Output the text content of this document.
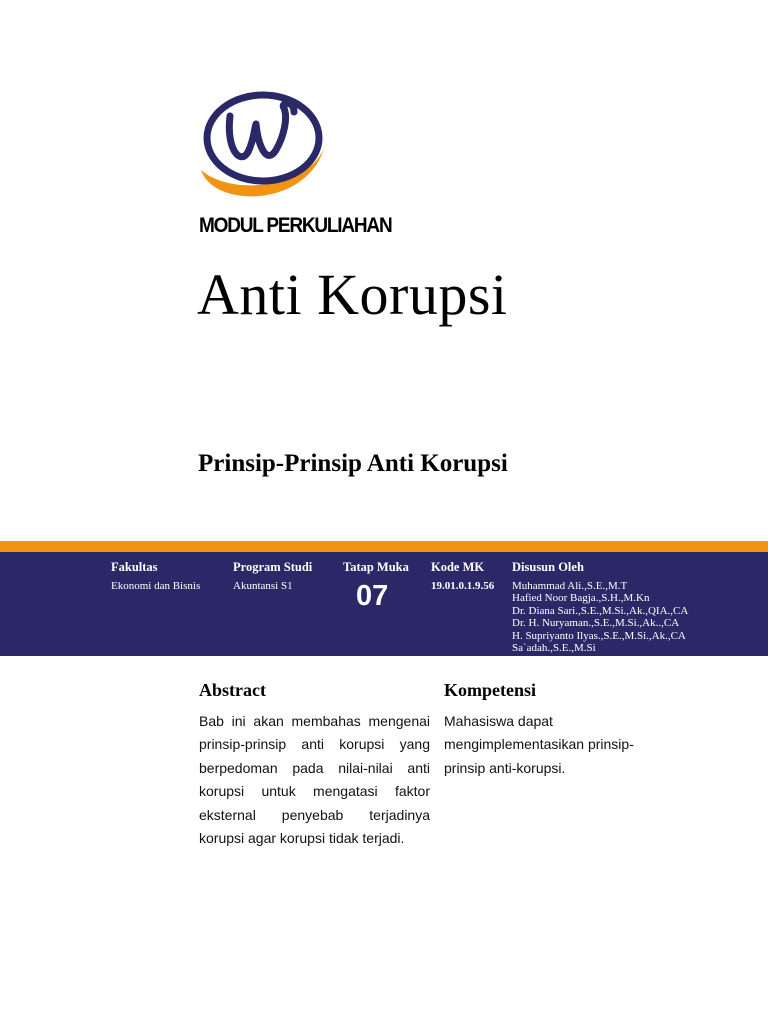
MODUL PERKULIAHAN
Anti Korupsi
Prinsip-Prinsip Anti Korupsi
Fakultas
Ekonomi dan Bisnis
Program Studi
Akuntansi S1
Tatap Muka
07
Kode MK
19.01.0.1.9.56
Disusun Oleh
Muhammad Ali.,S.E.,M.T
Hafied Noor Bagja.,S.H.,M.Kn
Dr. Diana Sari.,S.E.,M.Si.,Ak.,QIA.,CA
Dr. H. Nuryaman.,S.E.,M.Si.,Ak..,CA
H. Supriyanto Ilyas.,S.E.,M.Si.,Ak.,CA
Sa`adah.,S.E.,M.Si
Abstract	Kompetensi
Bab ini akan membahas mengenai prinsip-prinsip anti korupsi yang berpedoman pada nilai-nilai anti korupsi untuk mengatasi faktor eksternal penyebab terjadinya korupsi agar korupsi tidak terjadi.
Mahasiswa dapat mengimplementasikan prinsip-prinsip anti-korupsi.
